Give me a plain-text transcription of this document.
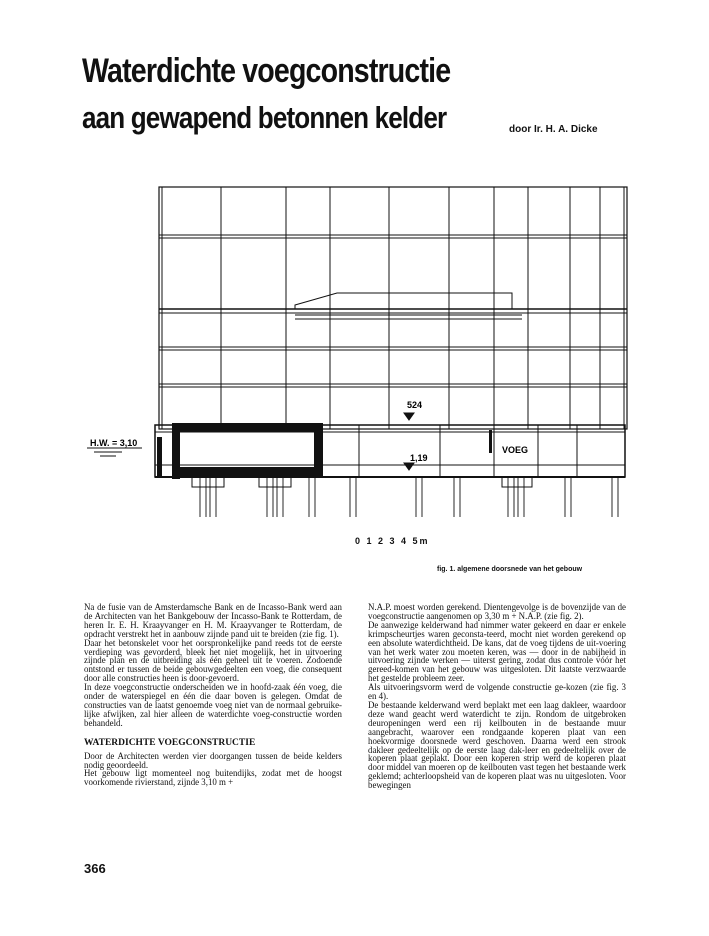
Waterdichte voegconstructie
aan gewapend betonnen kelder	door Ir. H. A. Dicke
524
1,19
VOEG
H.W. = 3,10
0 1 2 3 4 5m
fig. 1. algemene doorsnede van het gebouw

Na de fusie van de Amsterdamsche Bank en de Incasso-Bank werd aan de Architecten van het Bankgebouw der Incasso-Bank te Rotterdam, de heren Ir. E. H. Kraayvanger en H. M. Kraayvanger te Rotterdam, de opdracht verstrekt het in aanbouw zijnde pand uit te breiden (zie fig. 1).

Daar het betonskelet voor het oorspronkelijke pand reeds tot de eerste verdieping was gevorderd, bleek het niet mogelijk, het in uitvoering zijnde plan en de uitbreiding als één geheel uit te voeren. Zodoende ontstond er tussen de beide gebouwgedeelten een voeg, die consequent door alle constructies heen is door-gevoerd.

In deze voegconstructie onderscheiden we in hoofd-zaak één voeg, die onder de waterspiegel en één die daar boven is gelegen. Omdat de constructies van de laatst genoemde voeg niet van de normaal gebruike-lijke afwijken, zal hier alleen de waterdichte voeg-constructie worden behandeld.

WATERDICHTE VOEGCONSTRUCTIE

Door de Architecten werden vier doorgangen tussen de beide kelders nodig geoordeeld.

Het gebouw ligt momenteel nog buitendijks, zodat met de hoogst voorkomende rivierstand, zijnde 3,10 m +

N.A.P. moest worden gerekend. Dientengevolge is de bovenzijde van de voegconstructie aangenomen op 3,30 m + N.A.P. (zie fig. 2).

De aanwezige kelderwand had nimmer water gekeerd en daar er enkele krimpscheurtjes waren geconsta-teerd, mocht niet worden gerekend op een absolute waterdichtheid. De kans, dat de voeg tijdens de uit-voering van het werk water zou moeten keren, was — door in de nabijheid in uitvoering zijnde werken — uiterst gering, zodat dus controle vóór het gereed-komen van het gebouw was uitgesloten. Dit laatste verzwaarde het gestelde probleem zeer.

Als uitvoeringsvorm werd de volgende constructie ge-kozen (zie fig. 3 en 4).

De bestaande kelderwand werd beplakt met een laag dakleer, waardoor deze wand geacht werd waterdicht te zijn. Rondom de uitgebroken deuropeningen werd een rij keilbouten in de bestaande muur aangebracht, waarover een rondgaande koperen plaat van een hoekvormige doorsnede werd geschoven. Daarna werd een strook dakleer gedeeltelijk op de eerste laag dak-leer en gedeeltelijk over de koperen plaat geplakt. Door een koperen strip werd de koperen plaat door middel van moeren op de keilbouten vast tegen het bestaande werk geklemd; achterloopsheid van de koperen plaat was nu uitgesloten. Voor bewegingen

366
